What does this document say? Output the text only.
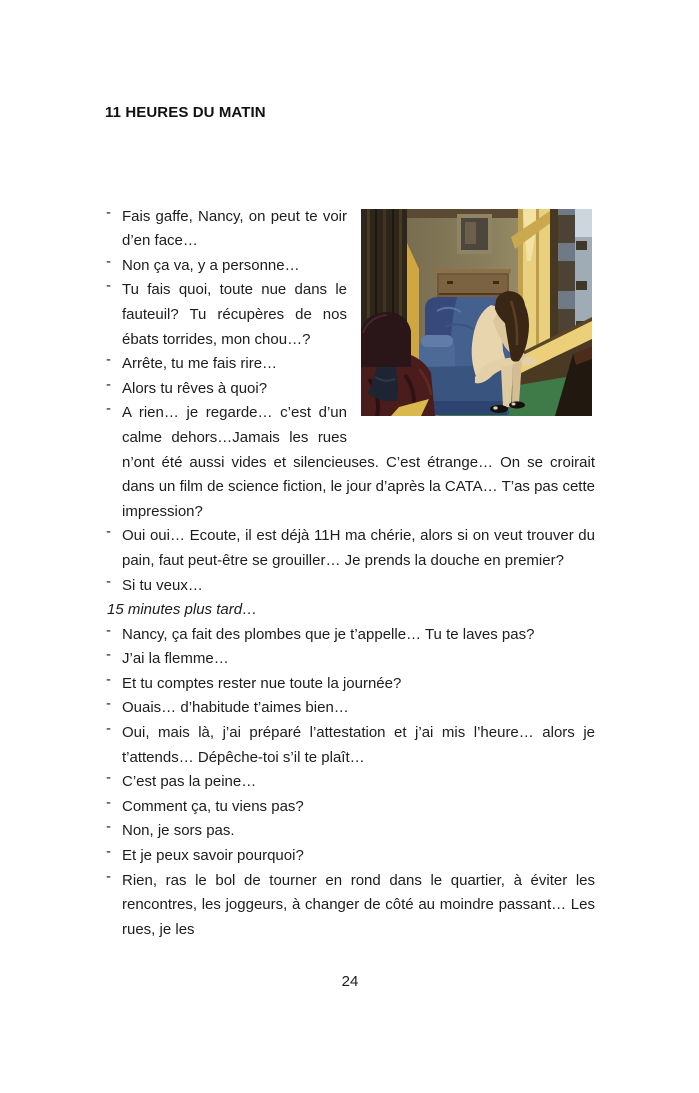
11 HEURES DU MATIN
- Fais gaffe, Nancy, on peut te voir d’en face…
- Non ça va, y a personne…
- Tu fais quoi, toute nue dans le fauteuil? Tu récupères de nos ébats torrides, mon chou…?
- Arrête, tu me fais rire…
- Alors tu rêves à quoi?
- A rien… je regarde… c’est d’un calme dehors…Jamais les rues n’ont été aussi vides et silencieuses. C’est étrange… On se croirait dans un film de science fiction, le jour d’après la CATA… T’as pas cette impression?
- Oui oui… Ecoute, il est déjà 11H ma chérie, alors si on veut trouver du pain, faut peut-être se grouiller… Je prends la douche en premier?
- Si tu veux…
15 minutes plus tard…
- Nancy, ça fait des plombes que je t’appelle… Tu te laves pas?
- J’ai la flemme…
- Et tu comptes rester nue toute la journée?
- Ouais… d’habitude t’aimes bien…
- Oui, mais là, j’ai préparé l’attestation et j’ai mis l’heure… alors je t’attends… Dépêche-toi s’il te plaît…
- C’est pas la peine…
- Comment ça, tu viens pas?
- Non, je sors pas.
- Et je peux savoir pourquoi?
- Rien, ras le bol de tourner en rond dans le quartier, à éviter les rencontres, les joggeurs, à changer de côté au moindre passant… Les rues, je les
24
